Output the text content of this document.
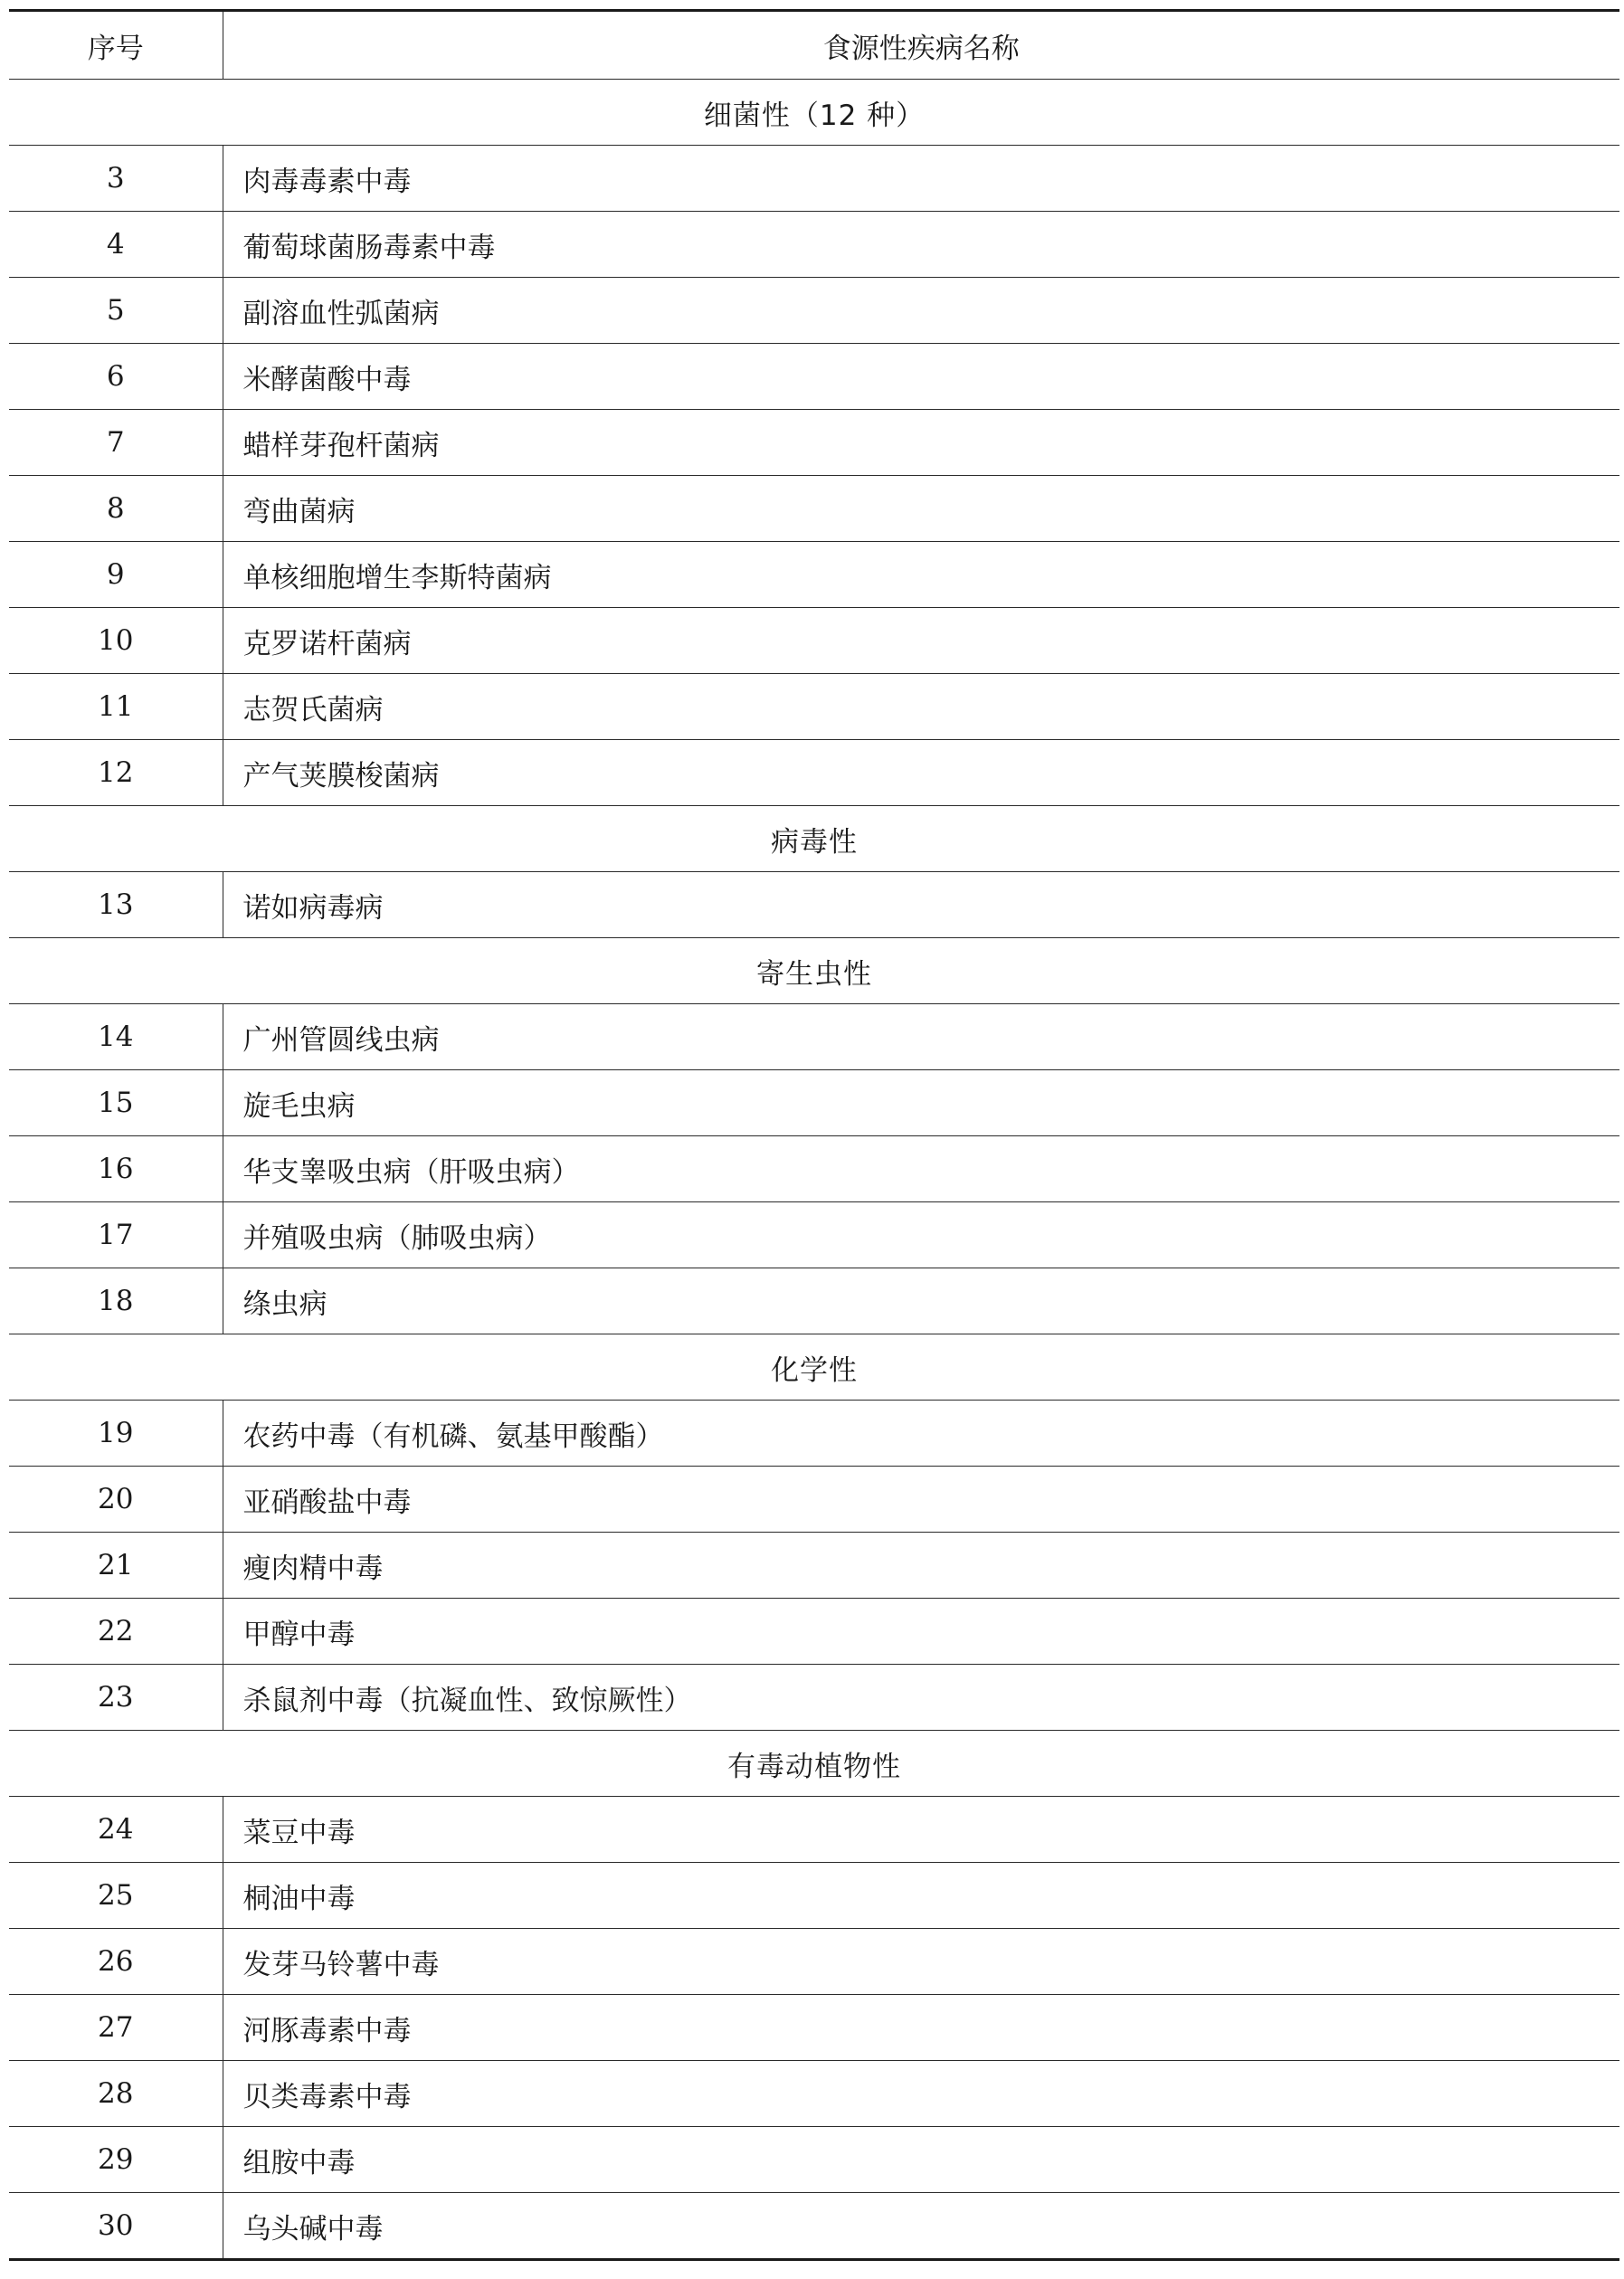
序号	食源性疾病名称
细菌性（12 种）	
3	肉毒毒素中毒
4	葡萄球菌肠毒素中毒
5	副溶血性弧菌病
6	米酵菌酸中毒
7	蜡样芽孢杆菌病
8	弯曲菌病
9	单核细胞增生李斯特菌病
10	克罗诺杆菌病
11	志贺氏菌病
12	产气荚膜梭菌病
病毒性	
13	诺如病毒病
寄生虫性	
14	广州管圆线虫病
15	旋毛虫病
16	华支睾吸虫病（肝吸虫病）
17	并殖吸虫病（肺吸虫病）
18	绦虫病
化学性	
19	农药中毒（有机磷、氨基甲酸酯）
20	亚硝酸盐中毒
21	瘦肉精中毒
22	甲醇中毒
23	杀鼠剂中毒（抗凝血性、致惊厥性）
有毒动植物性	
24	菜豆中毒
25	桐油中毒
26	发芽马铃薯中毒
27	河豚毒素中毒
28	贝类毒素中毒
29	组胺中毒
30	乌头碱中毒
